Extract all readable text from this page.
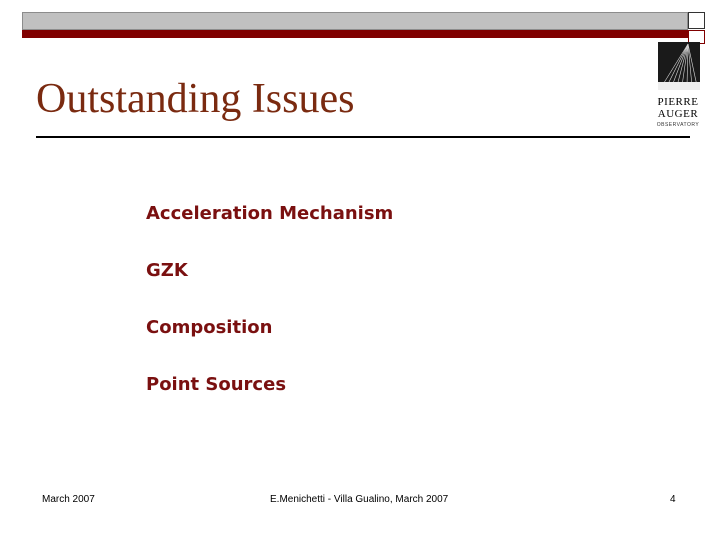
Outstanding Issues	PIERRE
AUGER
OBSERVATORY
Acceleration Mechanism
GZK
Composition
Point Sources
March 2007	E.Menichetti - Villa Gualino, March 2007	4
